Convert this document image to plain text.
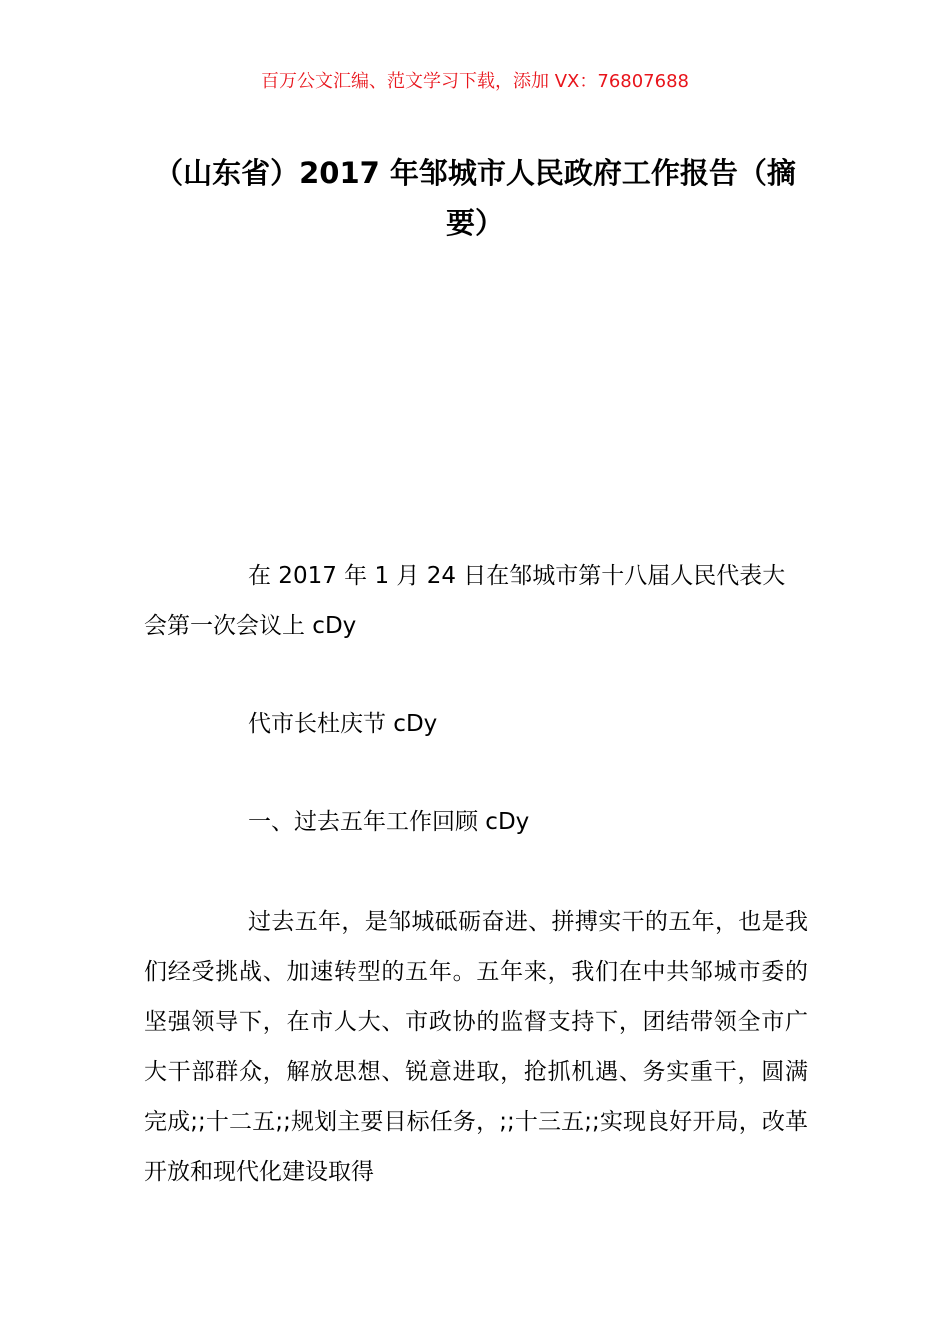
百万公文汇编、范文学习下载，添加 VX：76807688
（山东省）2017 年邹城市人民政府工作报告（摘要）

在 2017 年 1 月 24 日在邹城市第十八届人民代表大会第一次会议上 cDy

代市长杜庆节 cDy

一、过去五年工作回顾 cDy

过去五年，是邹城砥砺奋进、拼搏实干的五年，也是我们经受挑战、加速转型的五年。五年来，我们在中共邹城市委的坚强领导下，在市人大、市政协的监督支持下，团结带领全市广大干部群众，解放思想、锐意进取，抢抓机遇、务实重干，圆满完成;;十二五;;规划主要目标任务，;;十三五;;实现良好开局，改革开放和现代化建设取得
